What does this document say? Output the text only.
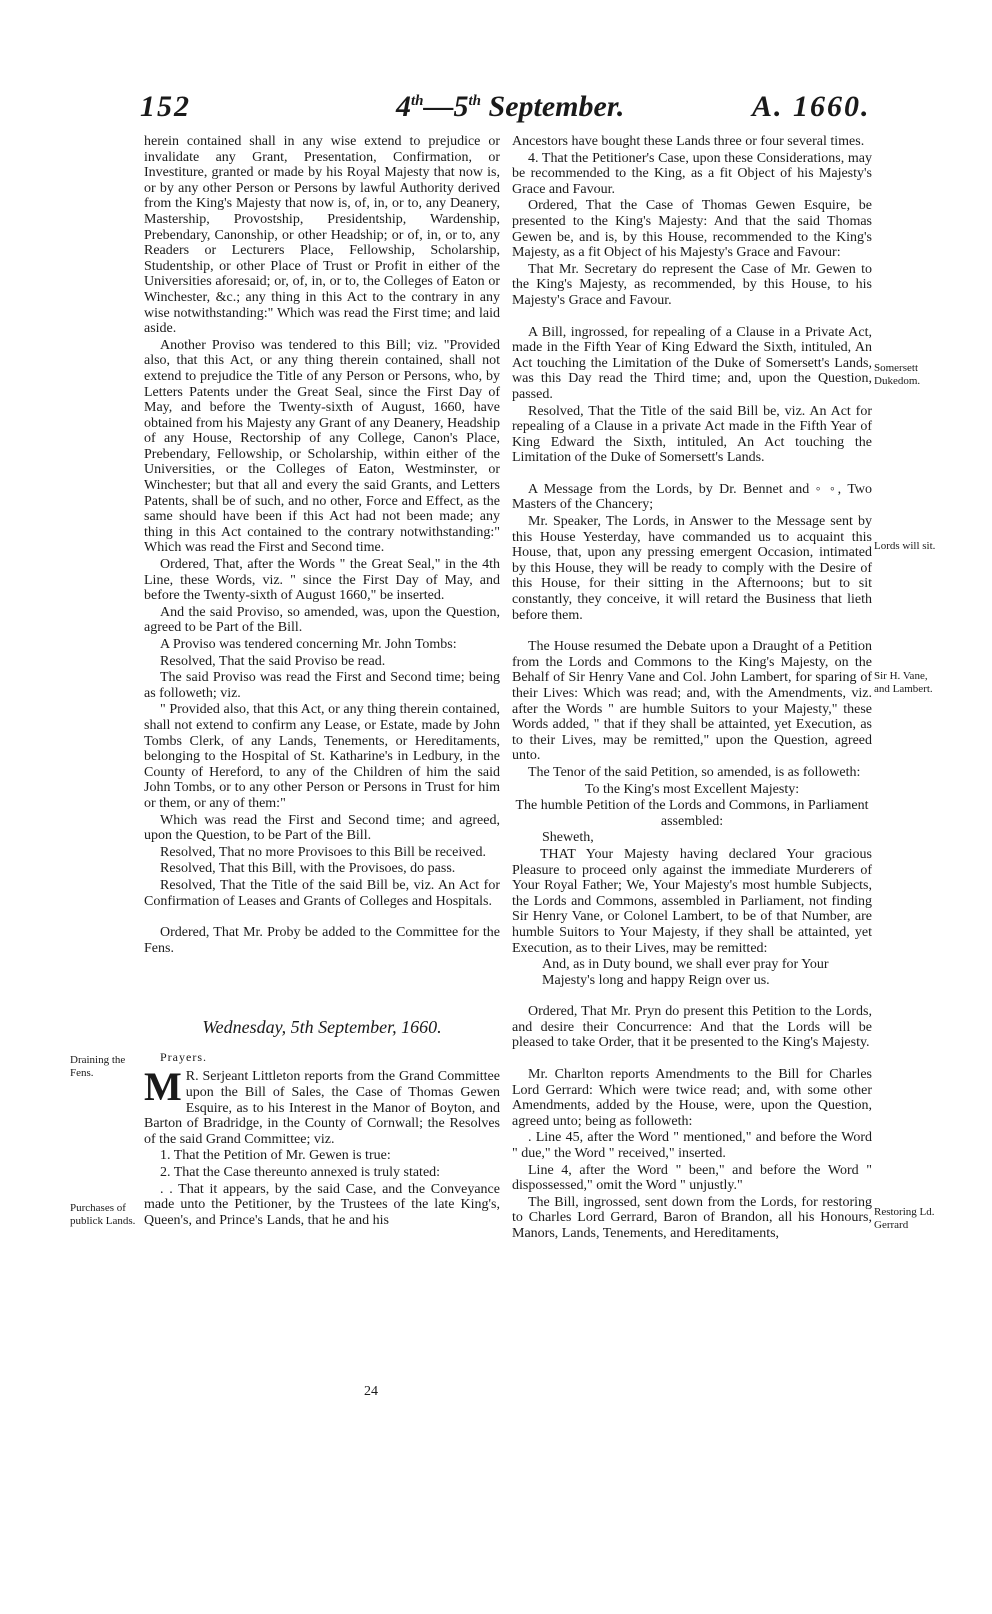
152	4th—5th September.	A. 1660.

herein contained shall in any wise extend to prejudice or invalidate any Grant, Presentation, Confirmation, or Investiture, granted or made by his Royal Majesty that now is, or by any other Person or Persons by lawful Authority derived from the King's Majesty that now is, of, in, or to, any Deanery, Mastership, Provostship, Presidentship, Wardenship, Prebendary, Canonship, or other Headship; or of, in, or to, any Readers or Lecturers Place, Fellowship, Scholarship, Studentship, or other Place of Trust or Profit in either of the Universities aforesaid; or, of, in, or to, the Colleges of Eaton or Winchester, &c.; any thing in this Act to the contrary in any wise notwithstanding:" Which was read the First time; and laid aside.

Another Proviso was tendered to this Bill; viz. "Provided also, that this Act, or any thing therein contained, shall not extend to prejudice the Title of any Person or Persons, who, by Letters Patents under the Great Seal, since the First Day of May, and before the Twenty-sixth of August, 1660, have obtained from his Majesty any Grant of any Deanery, Headship of any House, Rectorship of any College, Canon's Place, Prebendary, Fellowship, or Scholarship, within either of the Universities, or the Colleges of Eaton, Westminster, or Winchester; but that all and every the said Grants, and Letters Patents, shall be of such, and no other, Force and Effect, as the same should have been if this Act had not been made; any thing in this Act contained to the contrary notwithstanding:" Which was read the First and Second time.

Ordered, That, after the Words " the Great Seal," in the 4th Line, these Words, viz. " since the First Day of May, and before the Twenty-sixth of August 1660," be inserted.

And the said Proviso, so amended, was, upon the Question, agreed to be Part of the Bill.

A Proviso was tendered concerning Mr. John Tombs:

Resolved, That the said Proviso be read.

The said Proviso was read the First and Second time; being as followeth; viz.

" Provided also, that this Act, or any thing therein contained, shall not extend to confirm any Lease, or Estate, made by John Tombs Clerk, of any Lands, Tenements, or Hereditaments, belonging to the Hospital of St. Katharine's in Ledbury, in the County of Hereford, to any of the Children of him the said John Tombs, or to any other Person or Persons in Trust for him or them, or any of them:"

Which was read the First and Second time; and agreed, upon the Question, to be Part of the Bill.

Resolved, That no more Provisoes to this Bill be received.

Resolved, That this Bill, with the Provisoes, do pass.

Resolved, That the Title of the said Bill be, viz. An Act for Confirmation of Leases and Grants of Colleges and Hospitals.

Ordered, That Mr. Proby be added to the Committee for the Fens.

Wednesday, 5th September, 1660.
Prayers.

M R. Serjeant Littleton reports from the Grand Committee upon the Bill of Sales, the Case of Thomas Gewen Esquire, as to his Interest in the Manor of Boyton, and Barton of Bradridge, in the County of Cornwall; the Resolves of the said Grand Committee; viz.

1. That the Petition of Mr. Gewen is true:

2. That the Case thereunto annexed is truly stated:

. . That it appears, by the said Case, and the Conveyance made unto the Petitioner, by the Trustees of the late King's, Queen's, and Prince's Lands, that he and his

Ancestors have bought these Lands three or four several times.

4. That the Petitioner's Case, upon these Considerations, may be recommended to the King, as a fit Object of his Majesty's Grace and Favour.

Ordered, That the Case of Thomas Gewen Esquire, be presented to the King's Majesty: And that the said Thomas Gewen be, and is, by this House, recommended to the King's Majesty, as a fit Object of his Majesty's Grace and Favour:

That Mr. Secretary do represent the Case of Mr. Gewen to the King's Majesty, as recommended, by this House, to his Majesty's Grace and Favour.

A Bill, ingrossed, for repealing of a Clause in a Private Act, made in the Fifth Year of King Edward the Sixth, intituled, An Act touching the Limitation of the Duke of Somersett's Lands, was this Day read the Third time; and, upon the Question, passed.

Resolved, That the Title of the said Bill be, viz. An Act for repealing of a Clause in a private Act made in the Fifth Year of King Edward the Sixth, intituled, An Act touching the Limitation of the Duke of Somersett's Lands.

A Message from the Lords, by Dr. Bennet and ◦ ◦, Two Masters of the Chancery;

Mr. Speaker, The Lords, in Answer to the Message sent by this House Yesterday, have commanded us to acquaint this House, that, upon any pressing emergent Occasion, intimated by this House, they will be ready to comply with the Desire of this House, for their sitting in the Afternoons; but to sit constantly, they conceive, it will retard the Business that lieth before them.

The House resumed the Debate upon a Draught of a Petition from the Lords and Commons to the King's Majesty, on the Behalf of Sir Henry Vane and Col. John Lambert, for sparing of their Lives: Which was read; and, with the Amendments, viz. after the Words " are humble Suitors to your Majesty," these Words added, " that if they shall be attainted, yet Execution, as to their Lives, may be remitted," upon the Question, agreed unto.

The Tenor of the said Petition, so amended, is as followeth:

To the King's most Excellent Majesty:

The humble Petition of the Lords and Commons, in Parliament assembled:

Sheweth,

THAT Your Majesty having declared Your gracious Pleasure to proceed only against the immediate Murderers of Your Royal Father; We, Your Majesty's most humble Subjects, the Lords and Commons, assembled in Parliament, not finding Sir Henry Vane, or Colonel Lambert, to be of that Number, are humble Suitors to Your Majesty, if they shall be attainted, yet Execution, as to their Lives, may be remitted:

And, as in Duty bound, we shall ever pray for Your Majesty's long and happy Reign over us.

Ordered, That Mr. Pryn do present this Petition to the Lords, and desire their Concurrence: And that the Lords will be pleased to take Order, that it be presented to the King's Majesty.

Mr. Charlton reports Amendments to the Bill for Charles Lord Gerrard: Which were twice read; and, with some other Amendments, added by the House, were, upon the Question, agreed unto; being as followeth:

. Line 45, after the Word " mentioned," and before the Word " due," the Word " received," inserted.

Line 4, after the Word " been," and before the Word " dispossessed," omit the Word " unjustly."

The Bill, ingrossed, sent down from the Lords, for restoring to Charles Lord Gerrard, Baron of Brandon, all his Honours, Manors, Lands, Tenements, and Hereditaments,

Draining the Fens.
Purchases of publick Lands.
Somersett Dukedom.
Lords will sit.
Sir H. Vane, and Lambert.
Restoring Ld. Gerrard
24
